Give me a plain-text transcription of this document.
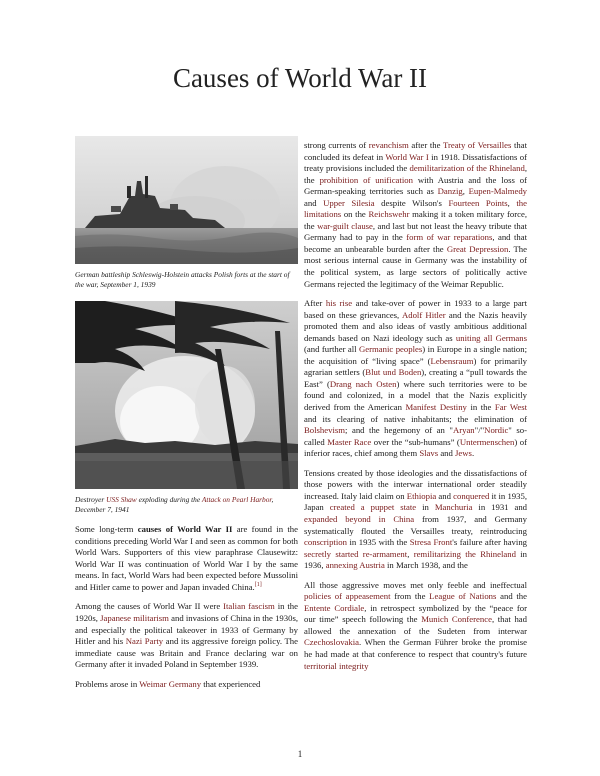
Causes of World War II

German battleship Schleswig-Holstein attacks Polish forts at the start of the war, September 1, 1939

Destroyer USS Shaw exploding during the Attack on Pearl Harbor, December 7, 1941

Some long-term causes of World War II are found in the conditions preceding World War I and seen as common for both World Wars. Supporters of this view paraphrase Clausewitz: World War II was continuation of World War I by the same means. In fact, World Wars had been expected before Mussolini and Hitler came to power and Japan invaded China.[1]

Among the causes of World War II were Italian fascism in the 1920s, Japanese militarism and invasions of China in the 1930s, and especially the political takeover in 1933 of Germany by Hitler and his Nazi Party and its aggressive foreign policy. The immediate cause was Britain and France declaring war on Germany after it invaded Poland in September 1939.

Problems arose in Weimar Germany that experienced

strong currents of revanchism after the Treaty of Versailles that concluded its defeat in World War I in 1918. Dissatisfactions of treaty provisions included the demilitarization of the Rhineland, the prohibition of unification with Austria and the loss of German-speaking territories such as Danzig, Eupen-Malmedy and Upper Silesia despite Wilson's Fourteen Points, the limitations on the Reichswehr making it a token military force, the war-guilt clause, and last but not least the heavy tribute that Germany had to pay in the form of war reparations, and that become an unbearable burden after the Great Depression. The most serious internal cause in Germany was the instability of the political system, as large sectors of politically active Germans rejected the legitimacy of the Weimar Republic.

After his rise and take-over of power in 1933 to a large part based on these grievances, Adolf Hitler and the Nazis heavily promoted them and also ideas of vastly ambitious additional demands based on Nazi ideology such as uniting all Germans (and further all Germanic peoples) in Europe in a single nation; the acquisition of “living space” (Lebensraum) for primarily agrarian settlers (Blut und Boden), creating a “pull towards the East” (Drang nach Osten) where such territories were to be found and colonized, in a model that the Nazis explicitly derived from the American Manifest Destiny in the Far West and its clearing of native inhabitants; the elimination of Bolshevism; and the hegemony of an "Aryan"/"Nordic" so-called Master Race over the “sub-humans” (Untermenschen) of inferior races, chief among them Slavs and Jews.

Tensions created by those ideologies and the dissatisfactions of those powers with the interwar international order steadily increased. Italy laid claim on Ethiopia and conquered it in 1935, Japan created a puppet state in Manchuria in 1931 and expanded beyond in China from 1937, and Germany systematically flouted the Versailles treaty, reintroducing conscription in 1935 with the Stresa Front's failure after having secretly started re-armament, remilitarizing the Rhineland in 1936, annexing Austria in March 1938, and the

All those aggressive moves met only feeble and ineffectual policies of appeasement from the League of Nations and the Entente Cordiale, in retrospect symbolized by the “peace for our time” speech following the Munich Conference, that had allowed the annexation of the Sudeten from interwar Czechoslovakia. When the German Führer broke the promise he had made at that conference to respect that country's future territorial integrity

1
